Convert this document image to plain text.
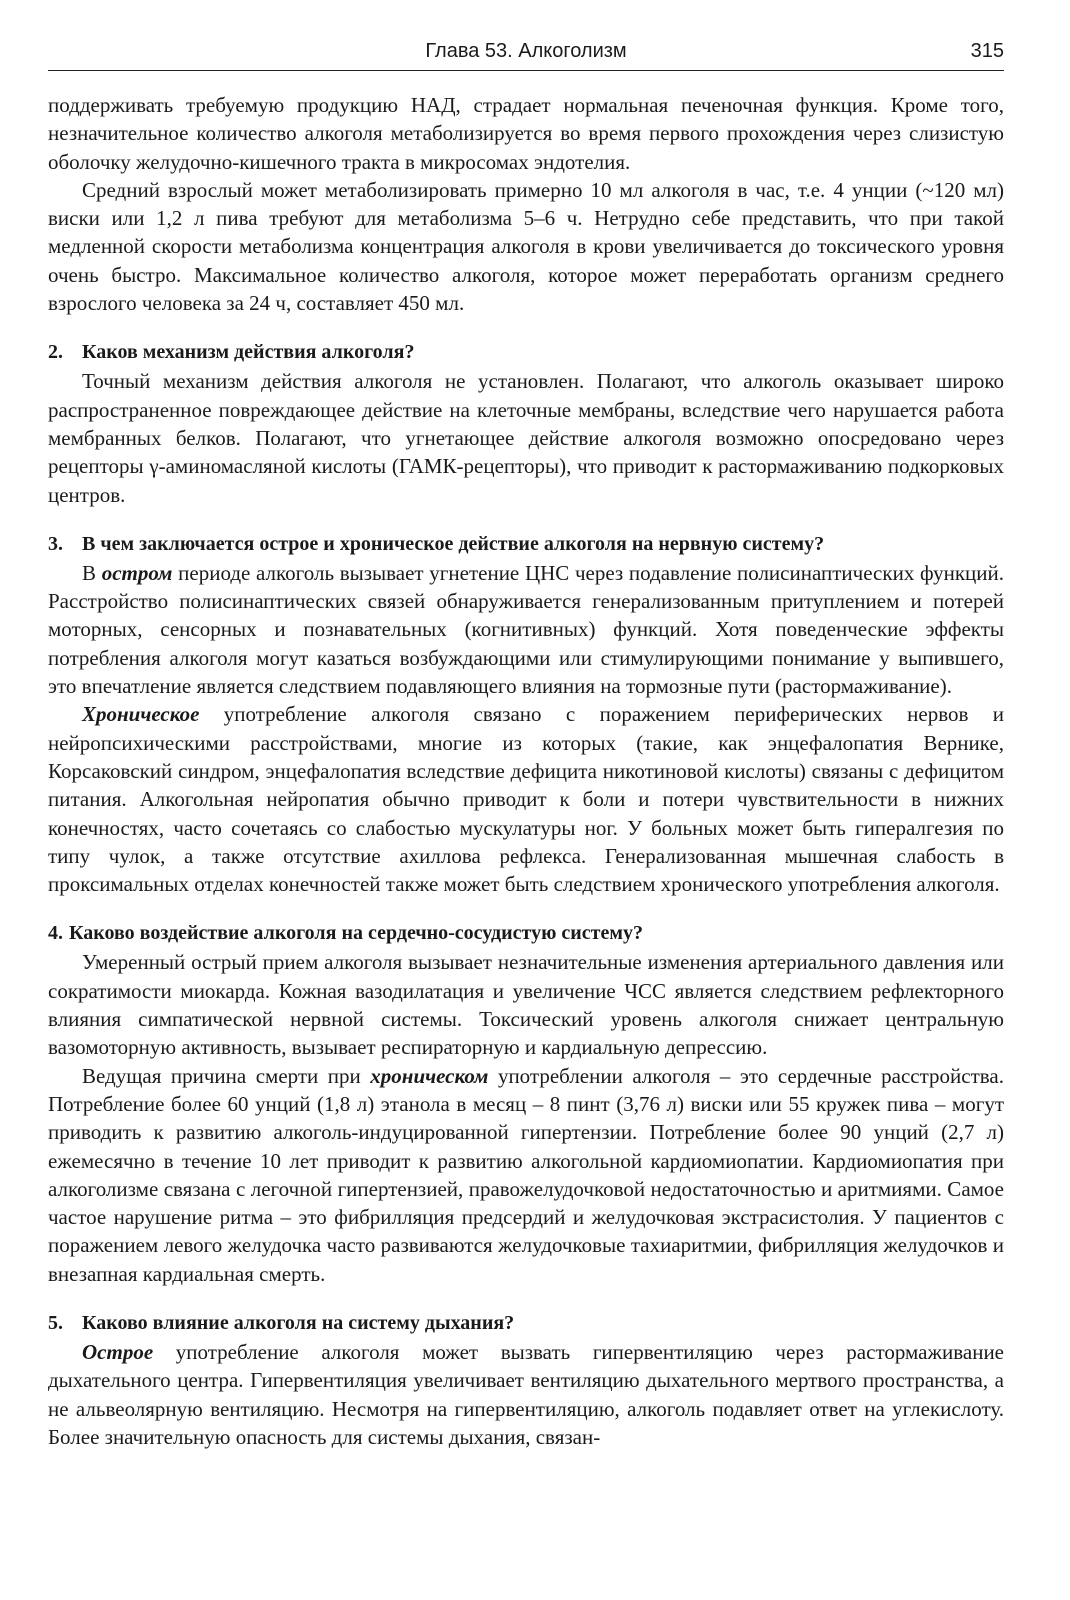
Глава 53. Алкоголизм	315

поддерживать требуемую продукцию НАД, страдает нормальная печеночная функция. Кроме того, незначительное количество алкоголя метаболизируется во время первого прохождения через слизистую оболочку желудочно-кишечного тракта в микросомах эндотелия.

Средний взрослый может метаболизировать примерно 10 мл алкоголя в час, т.е. 4 унции (~120 мл) виски или 1,2 л пива требуют для метаболизма 5–6 ч. Нетрудно себе представить, что при такой медленной скорости метаболизма концентрация алкоголя в крови увеличивается до токсического уровня очень быстро. Максимальное количество алкоголя, которое может переработать организм среднего взрослого человека за 24 ч, составляет 450 мл.

2. Каков механизм действия алкоголя?

Точный механизм действия алкоголя не установлен. Полагают, что алкоголь оказывает широко распространенное повреждающее действие на клеточные мембраны, вследствие чего нарушается работа мембранных белков. Полагают, что угнетающее действие алкоголя возможно опосредовано через рецепторы γ-аминомасляной кислоты (ГАМК-рецепторы), что приводит к растормаживанию подкорковых центров.

3. В чем заключается острое и хроническое действие алкоголя на нервную систему?

В остром периоде алкоголь вызывает угнетение ЦНС через подавление полисинаптических функций. Расстройство полисинаптических связей обнаруживается генерализованным притуплением и потерей моторных, сенсорных и познавательных (когнитивных) функций. Хотя поведенческие эффекты потребления алкоголя могут казаться возбуждающими или стимулирующими понимание у выпившего, это впечатление является следствием подавляющего влияния на тормозные пути (растормаживание).

Хроническое употребление алкоголя связано с поражением периферических нервов и нейропсихическими расстройствами, многие из которых (такие, как энцефалопатия Вернике, Корсаковский синдром, энцефалопатия вследствие дефицита никотиновой кислоты) связаны с дефицитом питания. Алкогольная нейропатия обычно приводит к боли и потери чувствительности в нижних конечностях, часто сочетаясь со слабостью мускулатуры ног. У больных может быть гипералгезия по типу чулок, а также отсутствие ахиллова рефлекса. Генерализованная мышечная слабость в проксимальных отделах конечностей также может быть следствием хронического употребления алкоголя.

4. Каково воздействие алкоголя на сердечно-сосудистую систему?

Умеренный острый прием алкоголя вызывает незначительные изменения артериального давления или сократимости миокарда. Кожная вазодилатация и увеличение ЧСС является следствием рефлекторного влияния симпатической нервной системы. Токсический уровень алкоголя снижает центральную вазомоторную активность, вызывает респираторную и кардиальную депрессию.

Ведущая причина смерти при хроническом употреблении алкоголя – это сердечные расстройства. Потребление более 60 унций (1,8 л) этанола в месяц – 8 пинт (3,76 л) виски или 55 кружек пива – могут приводить к развитию алкоголь-индуцированной гипертензии. Потребление более 90 унций (2,7 л) ежемесячно в течение 10 лет приводит к развитию алкогольной кардиомиопатии. Кардиомиопатия при алкоголизме связана с легочной гипертензией, правожелудочковой недостаточностью и аритмиями. Самое частое нарушение ритма – это фибрилляция предсердий и желудочковая экстрасистолия. У пациентов с поражением левого желудочка часто развиваются желудочковые тахиаритмии, фибрилляция желудочков и внезапная кардиальная смерть.

5. Каково влияние алкоголя на систему дыхания?

Острое употребление алкоголя может вызвать гипервентиляцию через растормаживание дыхательного центра. Гипервентиляция увеличивает вентиляцию дыхательного мертвого пространства, а не альвеолярную вентиляцию. Несмотря на гипервентиляцию, алкоголь подавляет ответ на углекислоту. Более значительную опасность для системы дыхания, связан-
